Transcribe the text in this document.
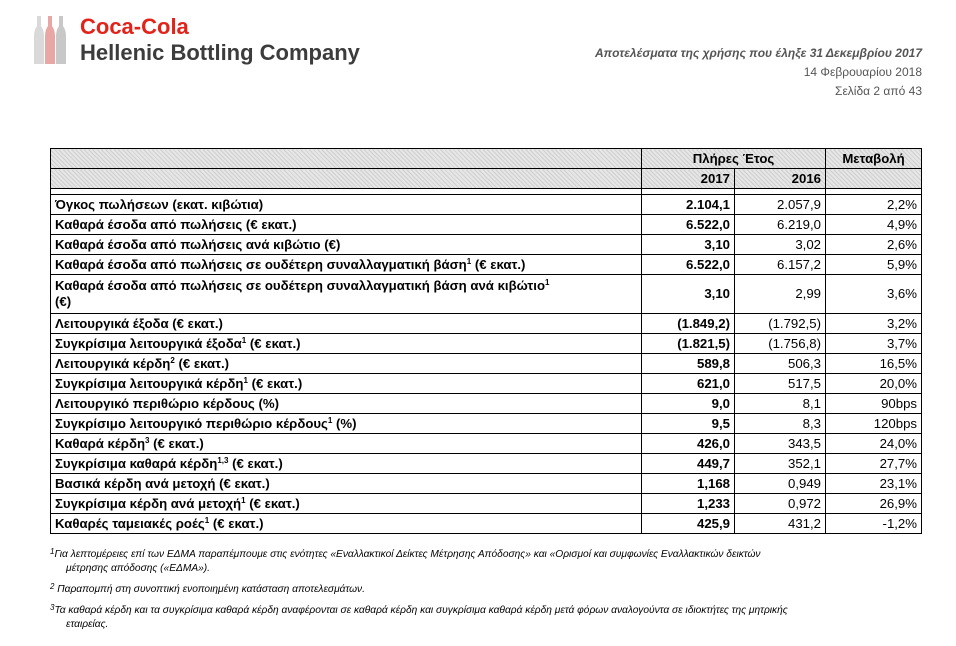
Coca-Cola
Hellenic Bottling Company	Αποτελέσματα της χρήσης που έληξε 31 Δεκεμβρίου 2017
14 Φεβρουαρίου 2018
Σελίδα 2 από 43
	Πλήρες Έτος		Μεταβολή
	2017	2016	

Όγκος πωλήσεων (εκατ. κιβώτια)	2.104,1	2.057,9	2,2%
Καθαρά έσοδα από πωλήσεις (€ εκατ.)	6.522,0	6.219,0	4,9%
Καθαρά έσοδα από πωλήσεις ανά κιβώτιο (€)	3,10	3,02	2,6%
Καθαρά έσοδα από πωλήσεις σε ουδέτερη συναλλαγματική βάση$^1$ (€ εκατ.)	6.522,0	6.157,2	5,9%
Καθαρά έσοδα από πωλήσεις σε ουδέτερη συναλλαγματική βάση ανά κιβώτιο$^1$
(€)	3,10	2,99	3,6%
Λειτουργικά έξοδα (€ εκατ.)	(1.849,2)	(1.792,5)	3,2%
Συγκρίσιμα λειτουργικά έξοδα$^1$ (€ εκατ.)	(1.821,5)	(1.756,8)	3,7%
Λειτουργικά κέρδη$^2$ (€ εκατ.)	589,8	506,3	16,5%
Συγκρίσιμα λειτουργικά κέρδη$^1$ (€ εκατ.)	621,0	517,5	20,0%
Λειτουργικό περιθώριο κέρδους (%)	9,0	8,1	90bps
Συγκρίσιμο λειτουργικό περιθώριο κέρδους$^1$ (%)	9,5	8,3	120bps
Καθαρά κέρδη$^3$ (€ εκατ.)	426,0	343,5	24,0%
Συγκρίσιμα καθαρά κέρδη$^{1,3}$ (€ εκατ.)	449,7	352,1	27,7%
Βασικά κέρδη ανά μετοχή (€ εκατ.)	1,168	0,949	23,1%
Συγκρίσιμα κέρδη ανά μετοχή$^1$ (€ εκατ.)	1,233	0,972	26,9%
Καθαρές ταμειακές ροές$^1$ (€ εκατ.)	425,9	431,2	-1,2%
$^1$Για λεπτομέρειες επί των ΕΔΜΑ παραπέμπουμε στις ενότητες «Εναλλακτικοί Δείκτες Μέτρησης Απόδοσης» και «Ορισμοί και συμφωνίες Εναλλακτικών δεικτών
μέτρησης απόδοσης («ΕΔΜΑ»).
$^2$ Παραπομπή στη συνοπτική ενοποιημένη κατάσταση αποτελεσμάτων.
$^3$Τα καθαρά κέρδη και τα συγκρίσιμα καθαρά κέρδη αναφέρονται σε καθαρά κέρδη και συγκρίσιμα καθαρά κέρδη μετά φόρων αναλογούντα σε ιδιοκτήτες της μητρικής
εταιρείας.
